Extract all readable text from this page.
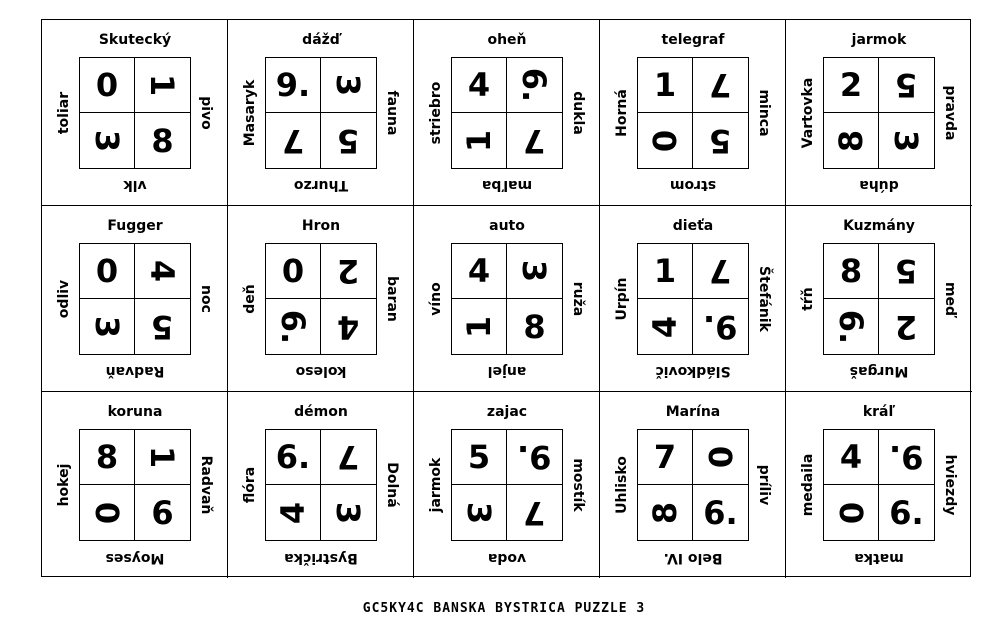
Skutecký
pivo
vlk
toliar
0 1
3 8
dážď
fauna
Thurzo
Masaryk 9. 3
7 5
oheň
dukla
maľba
striebro 4 6.
1 7
telegraf
minca
strom
Horná
1 7
0 5
jarmok
pravda
dúha
Vartovka 2 5
8 3
Fugger
noc
Radvaň
odliv
0 4
3 5
Hron
baran
koleso
deň
0 2
6. 4
auto
ruža
anjel
víno
4 3
1 8
dieťa
Štefánik
Sládkovič
Urpín
1 7
4 9.
Kuzmány
meď
Murgaš
tŕň
8 5
6. 2
koruna
Radvaň
Moyses
hokej
8 1
0 6
démon
Dolná
Bystrička
flóra
6. 7
4 3
zajac
mostík
voda
jarmok
5 9.
3 7
Marína
príliv
Belo IV.
Uhlisko 7 0
8 6.
kráľ
hviezdy
matka
medaila 4 9.
0 6.
GC5KY4C BANSKA BYSTRICA PUZZLE 3
